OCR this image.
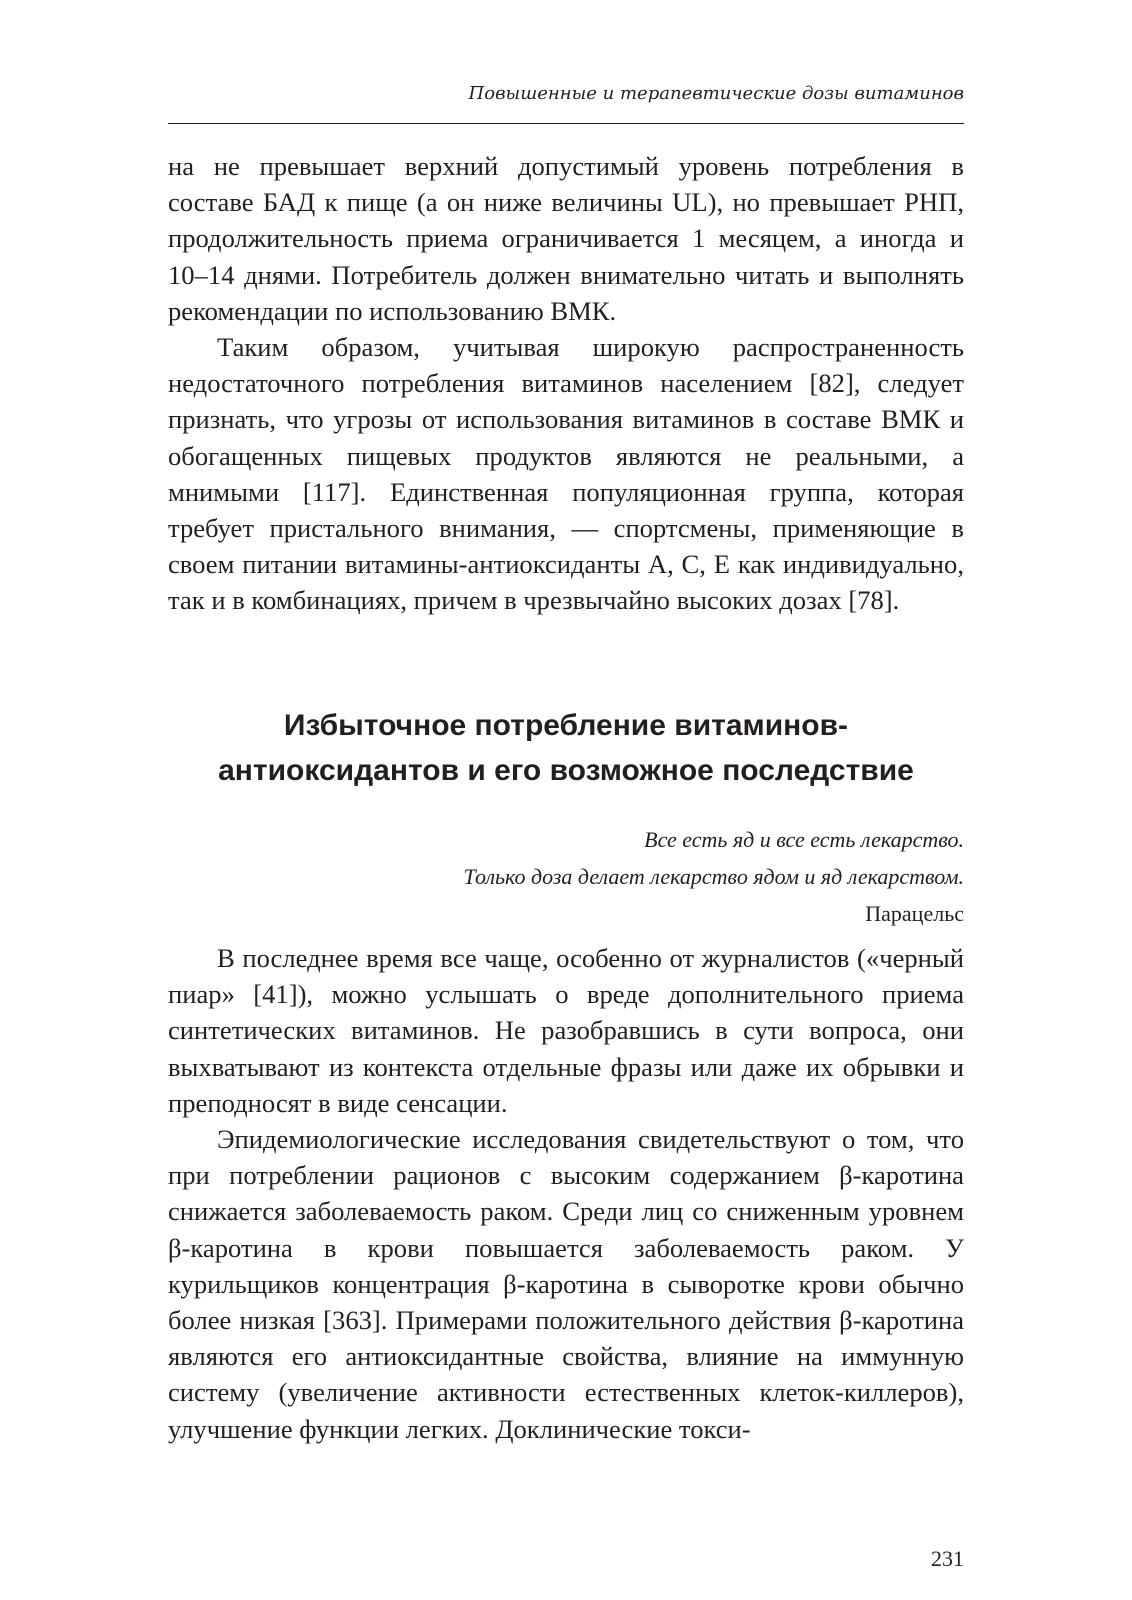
Повышенные и терапевтические дозы витаминов

на не превышает верхний допустимый уровень потребления в составе БАД к пище (а он ниже величины UL), но превышает РНП, продолжительность приема ограничивается 1 месяцем, а иногда и 10–14 днями. Потребитель должен внимательно читать и выполнять рекомендации по использованию ВМК.

Таким образом, учитывая широкую распространенность недостаточного потребления витаминов населением [82], следует признать, что угрозы от использования витаминов в составе ВМК и обогащенных пищевых продуктов являются не реальными, а мнимыми [117]. Единственная популяционная группа, которая требует пристального внимания, — спортсмены, применяющие в своем питании витамины-антиоксиданты А, С, Е как индивидуально, так и в комбинациях, причем в чрезвычайно высоких дозах [78].

Избыточное потребление витаминов-
антиоксидантов и его возможное последствие
Все есть яд и все есть лекарство.
Только доза делает лекарство ядом и яд лекарством.
Парацельс

В последнее время все чаще, особенно от журналистов («черный пиар» [41]), можно услышать о вреде дополнительного приема синтетических витаминов. Не разобравшись в сути вопроса, они выхватывают из контекста отдельные фразы или даже их обрывки и преподносят в виде сенсации.

Эпидемиологические исследования свидетельствуют о том, что при потреблении рационов с высоким содержанием β-каротина снижается заболеваемость раком. Среди лиц со сниженным уровнем β-каротина в крови повышается заболеваемость раком. У курильщиков концентрация β-каротина в сыворотке крови обычно более низкая [363]. Примерами положительного действия β-каротина являются его антиоксидантные свойства, влияние на иммунную систему (увеличение активности естественных клеток-киллеров), улучшение функции легких. Доклинические токси-

231
